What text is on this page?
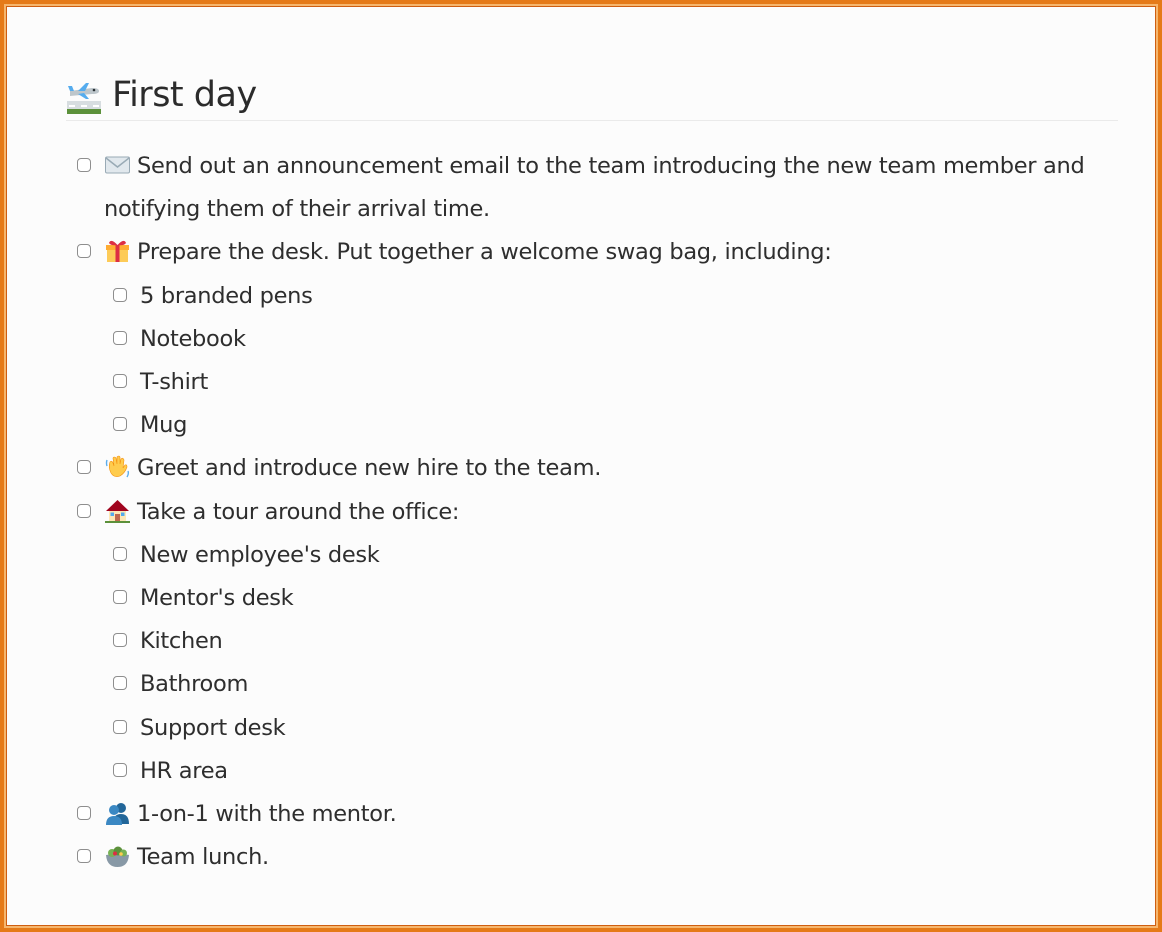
First day
Send out an announcement email to the team introducing the new team member and notifying them of their arrival time.
Prepare the desk. Put together a welcome swag bag, including:
5 branded pens
Notebook
T-shirt
Mug
Greet and introduce new hire to the team.
Take a tour around the office:
New employee's desk
Mentor's desk
Kitchen
Bathroom
Support desk
HR area
1-on-1 with the mentor.
Team lunch.
